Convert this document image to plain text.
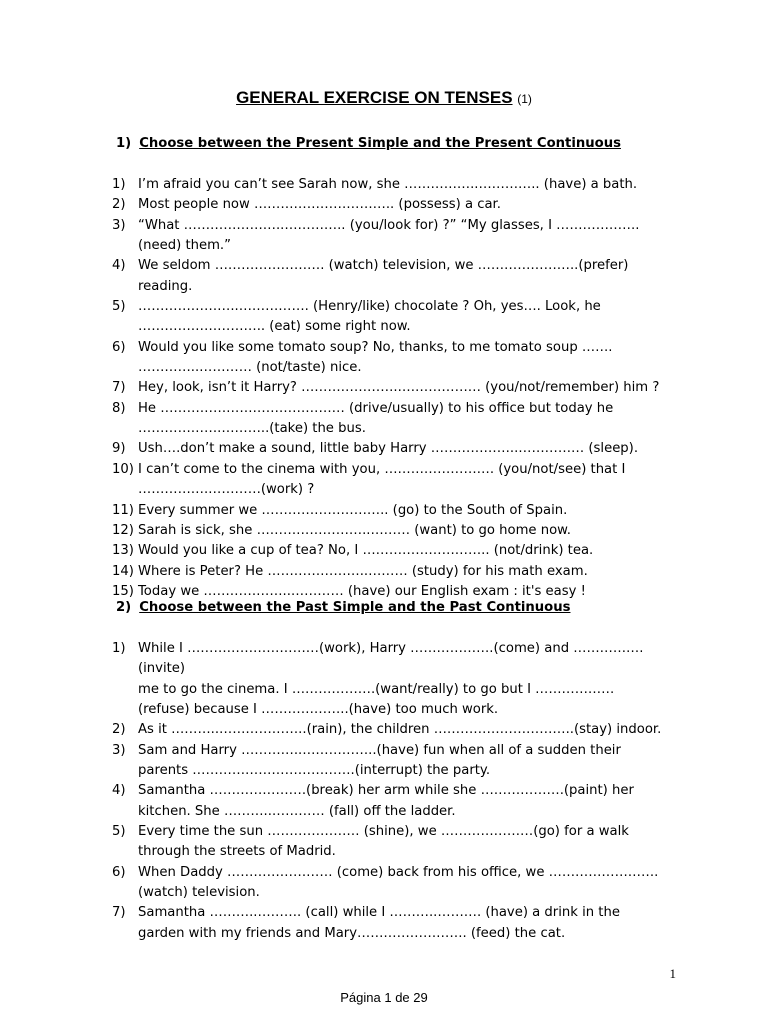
GENERAL EXERCISE ON TENSES (1)
1) Choose between the Present Simple and the Present Continuous
1) I’m afraid you can’t see Sarah now, she ……………..………….. (have) a bath.
2) Most people now ………………………….. (possess) a car.
3) “What …………………..………….. (you/look for) ?” “My glasses, I ……………….
(need) them.”
4) We seldom ……………………. (watch) television, we …………………..(prefer) reading.
5) …………………..……………. (Henry/like) chocolate ? Oh, yes…. Look, he
……………………….. (eat) some right now.
6) Would you like some tomato soup? No, thanks, to me tomato soup …….
…………..………… (not/taste) nice.
7) Hey, look, isn’t it Harry? …………………..……………… (you/not/remember) him ?
8) He …………………………………… (drive/usually) to his office but today he
……………….………..(take) the bus.
9) Ush….don’t make a sound, little baby Harry ………………..…………… (sleep).
10) I can’t come to the cinema with you, ……………………. (you/not/see) that I
…………….…………(work) ?
11) Every summer we ……………………….. (go) to the South of Spain.
12) Sarah is sick, she ……………………..……… (want) to go home now.
13) Would you like a cup of tea? No, I ……………………….. (not/drink) tea.
14) Where is Peter? He …………………..……… (study) for his math exam.
15) Today we ………………..………… (have) our English exam : it's easy !
2) Choose between the Past Simple and the Past Continuous
1) While I …………………………(work), Harry ……………….(come) and …………….(invite)
me to go the cinema. I ……………….(want/really) to go but I ………………
(refuse) because I ………………..(have) too much work.
2) As it ………..………………..(rain), the children …………………………..(stay) indoor.
3) Sam and Harry …………..……………..(have) fun when all of a sudden their
parents ……………………………….(interrupt) the party.
4) Samantha ………………….(break) her arm while she ……………….(paint) her
kitchen. She ………..………… (fall) off the ladder.
5) Every time the sun ………………… (shine), we …………………(go) for a walk
through the streets of Madrid.
6) When Daddy …………………… (come) back from his office, we …………………….
(watch) television.
7) Samantha ………..………. (call) while I ………..………. (have) a drink in the
garden with my friends and Mary……………………. (feed) the cat.
1
Página 1 de 29
